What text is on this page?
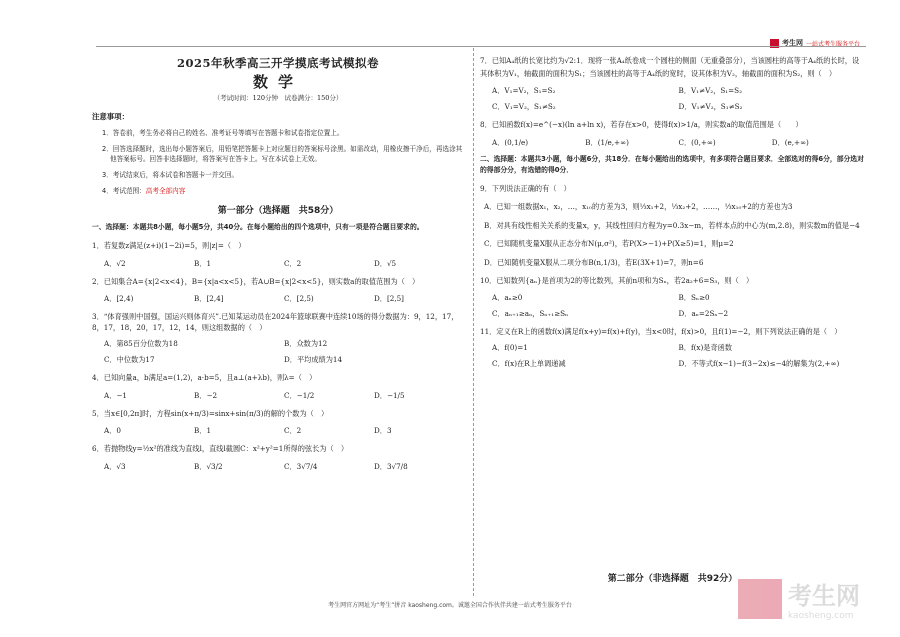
考生网 一站式考生服务平台
2025年秋季高三开学摸底考试模拟卷
数学
（考试时间：120分钟　试卷满分：150分）
注意事项：
1．答卷前，考生务必将自己的姓名、准考证号等填写在答题卡和试卷指定位置上。
2．回答选择题时，选出每小题答案后，用铅笔把答题卡上对应题目的答案标号涂黑。如需改动，用橡皮擦干净后，再选涂其他答案标号。回答非选择题时，将答案写在答卡上。写在本试卷上无效。
3．考试结束后，将本试卷和答题卡一并交回。
4．考试范围：高考全部内容
第一部分（选择题　共58分）
一、选择题：本题共8小题，每小题5分，共40分。在每小题给出的四个选项中，只有一项是符合题目要求的。
1．若复数z满足(z+i)(1−2i)=5，则|z|=（　）
A．√2	B．1	C．2	D．√5
2．已知集合A={x|2<x<4}，B={x|a<x<5}，若A∪B={x|2<x<5}，则实数a的取值范围为（　）
A．[2,4)	B．[2,4]	C．[2,5)	D．[2,5]
3．“体育强则中国强，国运兴则体育兴”.已知某运动员在2024年篮球联赛中连续10场的得分数据为：9，12，17，8，17，18，20，17，12，14，则这组数据的（　）
A．第85百分位数为18	B．众数为12
C．中位数为17	D．平均成绩为14
4．已知向量a，b满足a=(1,2)，a·b=5，且a⊥(a+λb)，则λ=（　）
A．−1	B．−2	C．−1/2	D．−1/5
5．当x∈[0,2π]时，方程sin(x+π/3)=sinx+sin(π/3)的解的个数为（　）
A．0	B．1	C．2	D．3
6．若抛物线y=½x²的准线为直线l，直线l截圆C：x²+y²=1所得的弦长为（　）
A．√3	B．√3/2	C．3√7/4	D．3√7/8
7．已知A₄纸的长宽比约为√2:1．现将一张A₄纸卷成一个圆柱的侧面（无重叠部分），当该圆柱的高等于A₄纸的长时，设其体积为V₁，轴截面的面积为S₁；当该圆柱的高等于A₄纸的宽时，设其体积为V₂，轴截面的面积为S₂，则（　）
A．V₁=V₂，S₁=S₂	B．V₁≠V₂，S₁=S₂
C．V₁=V₂，S₁≠S₂	D．V₁≠V₂，S₁≠S₂
8．已知函数f(x)=e^(−x)(ln a+ln x)，若存在x>0，使得f(x)>1/a，则实数a的取值范围是（　　）
A．(0,1/e)	B．(1/e,+∞)	C．(0,+∞)	D．(e,+∞)
二、选择题：本题共3小题，每小题6分，共18分．在每小题给出的选项中，有多项符合题目要求．全部选对的得6分，部分选对的得部分分，有选错的得0分．
9．下列说法正确的有（　）
A．已知一组数据x₁，x₂，…，x₁₀的方差为3，则⅓x₁+2，⅓x₂+2，……，⅓x₁₀+2的方差也为3
B．对具有线性相关关系的变量x，y，其线性回归方程为y=0.3x−m，若样本点的中心为(m,2.8)，则实数m的值是−4
C．已知随机变量X服从正态分布N(μ,σ²)，若P(X>−1)+P(X≥5)=1，则μ=2
D．已知随机变量X服从二项分布B(n,1/3)，若E(3X+1)=7，则n=6
10．已知数列{aₙ}是首项为2的等比数列，其前n项和为Sₙ，若2a₂+6=S₃，则（　）
A．aₙ≥0	B．Sₙ≥0
C．aₙ₊₁≥aₙ，Sₙ₊₁≥Sₙ	D．aₙ=2Sₙ−2
11．定义在R上的函数f(x)满足f(x+y)=f(x)+f(y)，当x<0时，f(x)>0，且f(1)=−2，则下列说法正确的是（　）
A．f(0)=1	B．f(x)是奇函数
C．f(x)在R上单调递减	D．不等式f(x−1)−f(3−2x)≤−4的解集为(2,+∞)
第二部分（非选择题　共92分）
考生网官方网址为“考生”拼音 kaosheng.com。诚邀全国合作伙伴共建一站式考生服务平台	考生网
kaosheng.com
